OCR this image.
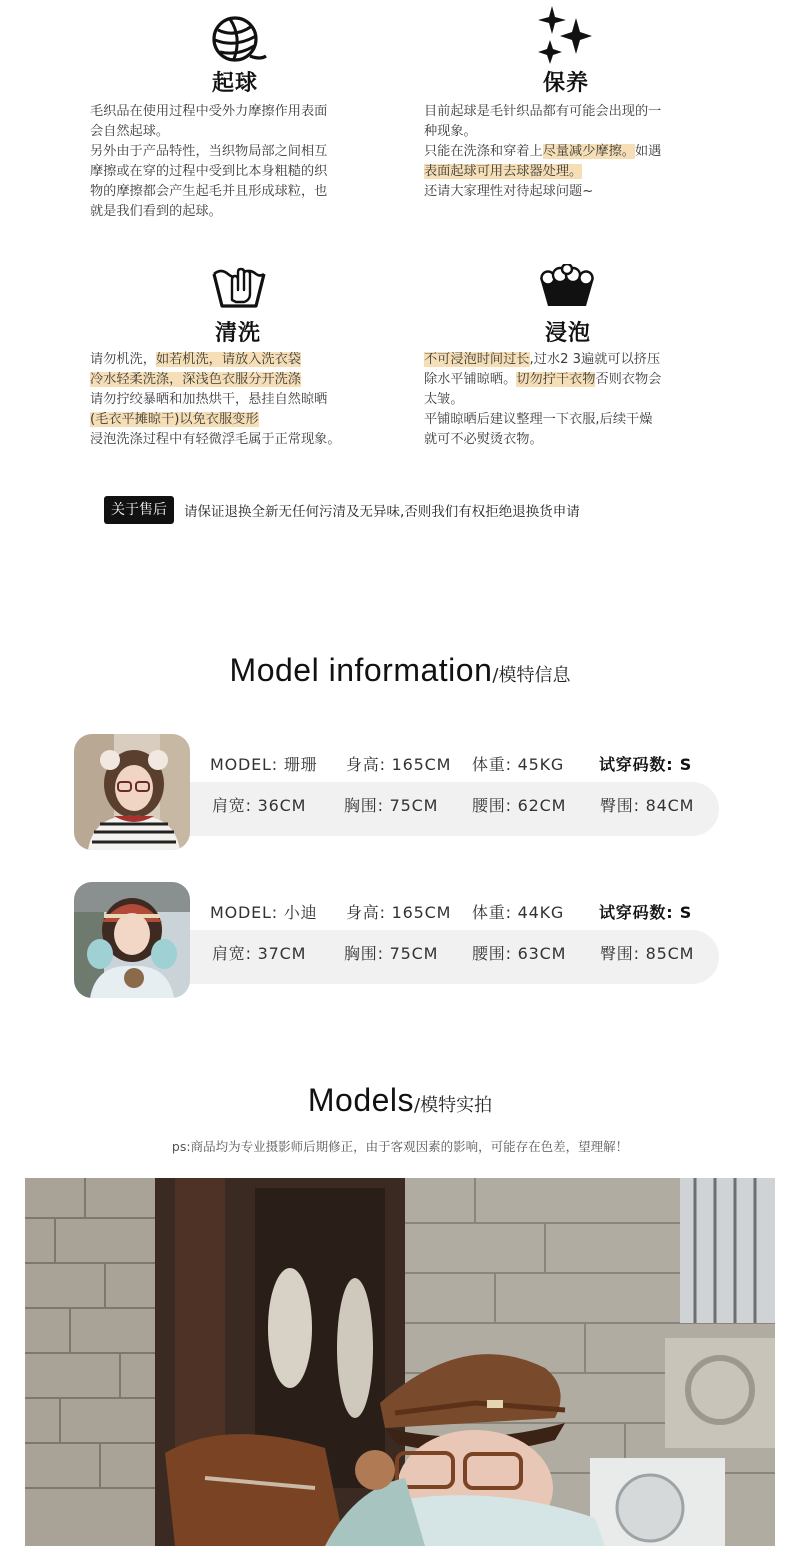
起球

毛织品在使用过程中受外力摩擦作用表面

会自然起球。

另外由于产品特性，当织物局部之间相互

摩擦或在穿的过程中受到比本身粗糙的织

物的摩擦都会产生起毛并且形成球粒，也

就是我们看到的起球。

保养

目前起球是毛针织品都有可能会出现的一

种现象。

只能在洗涤和穿着上尽量减少摩擦。如遇

表面起球可用去球器处理。

还请大家理性对待起球问题~

清洗

请勿机洗，如若机洗，请放入洗衣袋

冷水轻柔洗涤，深浅色衣服分开洗涤

请勿拧绞暴晒和加热烘干，悬挂自然晾晒

(毛衣平摊晾干)以免衣服变形

浸泡洗涤过程中有轻微浮毛属于正常现象。

浸泡

不可浸泡时间过长,过水2 3遍就可以挤压

除水平铺晾晒。切勿拧干衣物否则衣物会

太皱。

平铺晾晒后建议整理一下衣服,后续干燥

就可不必熨烫衣物。

关于售后	请保证退换全新无任何污清及无异味,否则我们有权拒绝退换货申请
Model information/模特信息
MODEL: 珊珊 身高: 165CM 体重: 45KG 试穿码数: S
肩宽: 36CM 胸围: 75CM 腰围: 62CM 臀围: 84CM
MODEL: 小迪 身高: 165CM 体重: 44KG 试穿码数: S
肩宽: 37CM 胸围: 75CM 腰围: 63CM 臀围: 85CM
Models/模特实拍
ps:商品均为专业摄影师后期修正，由于客观因素的影响，可能存在色差，望理解！
